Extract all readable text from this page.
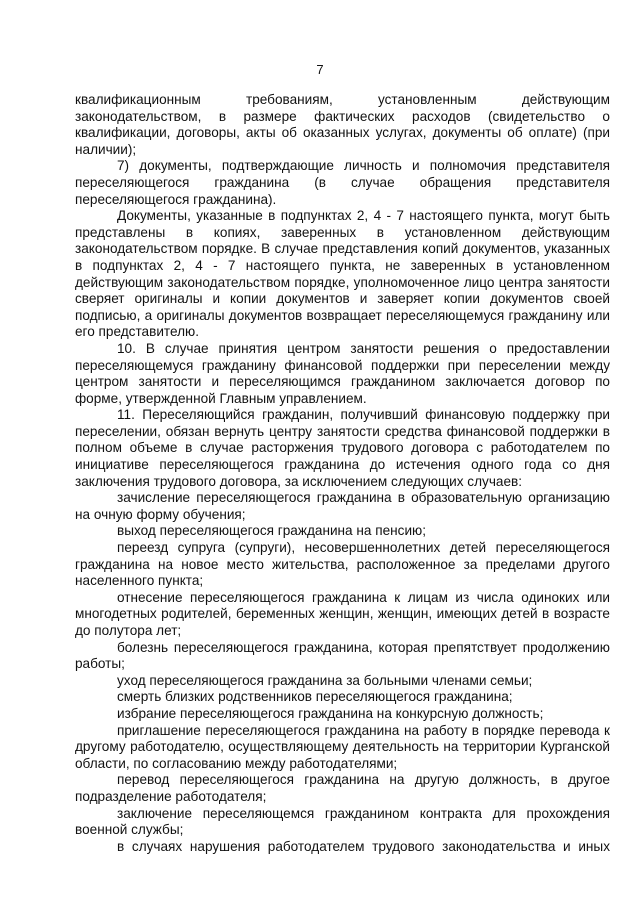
7

квалификационным требованиям, установленным действующим законодательством, в размере фактических расходов (свидетельство о квалификации, договоры, акты об оказанных услугах, документы об оплате) (при наличии);

7) документы, подтверждающие личность и полномочия представителя переселяющегося гражданина (в случае обращения представителя переселяющегося гражданина).

Документы, указанные в подпунктах 2, 4 - 7 настоящего пункта, могут быть представлены в копиях, заверенных в установленном действующим законодательством порядке. В случае представления копий документов, указанных в подпунктах 2, 4 - 7 настоящего пункта, не заверенных в установленном действующим законодательством порядке, уполномоченное лицо центра занятости сверяет оригиналы и копии документов и заверяет копии документов своей подписью, а оригиналы документов возвращает переселяющемуся гражданину или его представителю.

10. В случае принятия центром занятости решения о предоставлении переселяющемуся гражданину финансовой поддержки при переселении между центром занятости и переселяющимся гражданином заключается договор по форме, утвержденной Главным управлением.

11. Переселяющийся гражданин, получивший финансовую поддержку при переселении, обязан вернуть центру занятости средства финансовой поддержки в полном объеме в случае расторжения трудового договора с работодателем по инициативе переселяющегося гражданина до истечения одного года со дня заключения трудового договора, за исключением следующих случаев:

зачисление переселяющегося гражданина в образовательную организацию на очную форму обучения;

выход переселяющегося гражданина на пенсию;

переезд супруга (супруги), несовершеннолетних детей переселяющегося гражданина на новое место жительства, расположенное за пределами другого населенного пункта;

отнесение переселяющегося гражданина к лицам из числа одиноких или многодетных родителей, беременных женщин, женщин, имеющих детей в возрасте до полутора лет;

болезнь переселяющегося гражданина, которая препятствует продолжению работы;

уход переселяющегося гражданина за больными членами семьи;

смерть близких родственников переселяющегося гражданина;

избрание переселяющегося гражданина на конкурсную должность;

приглашение переселяющегося гражданина на работу в порядке перевода к другому работодателю, осуществляющему деятельность на территории Курганской области, по согласованию между работодателями;

перевод переселяющегося гражданина на другую должность, в другое подразделение работодателя;

заключение переселяющемся гражданином контракта для прохождения военной службы;

в случаях нарушения работодателем трудового законодательства и иных
